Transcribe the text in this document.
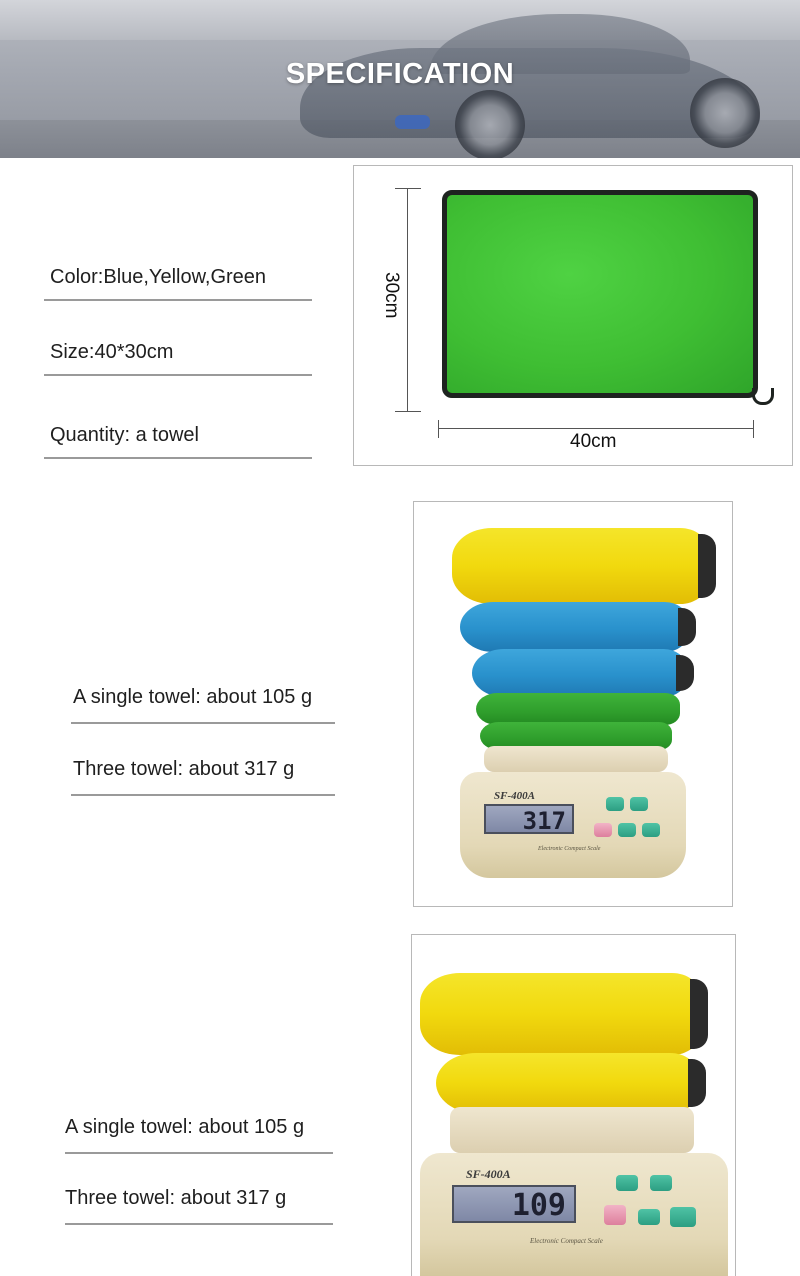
SPECIFICATION
Color:Blue,Yellow,Green
Size:40*30cm
Quantity: a towel
30cm
40cm
A single towel: about 105 g
Three towel: about 317 g
SF-400A
317
Electronic Compact Scale
A single towel: about 105 g
Three towel: about 317 g
SF-400A
109
Electronic Compact Scale
